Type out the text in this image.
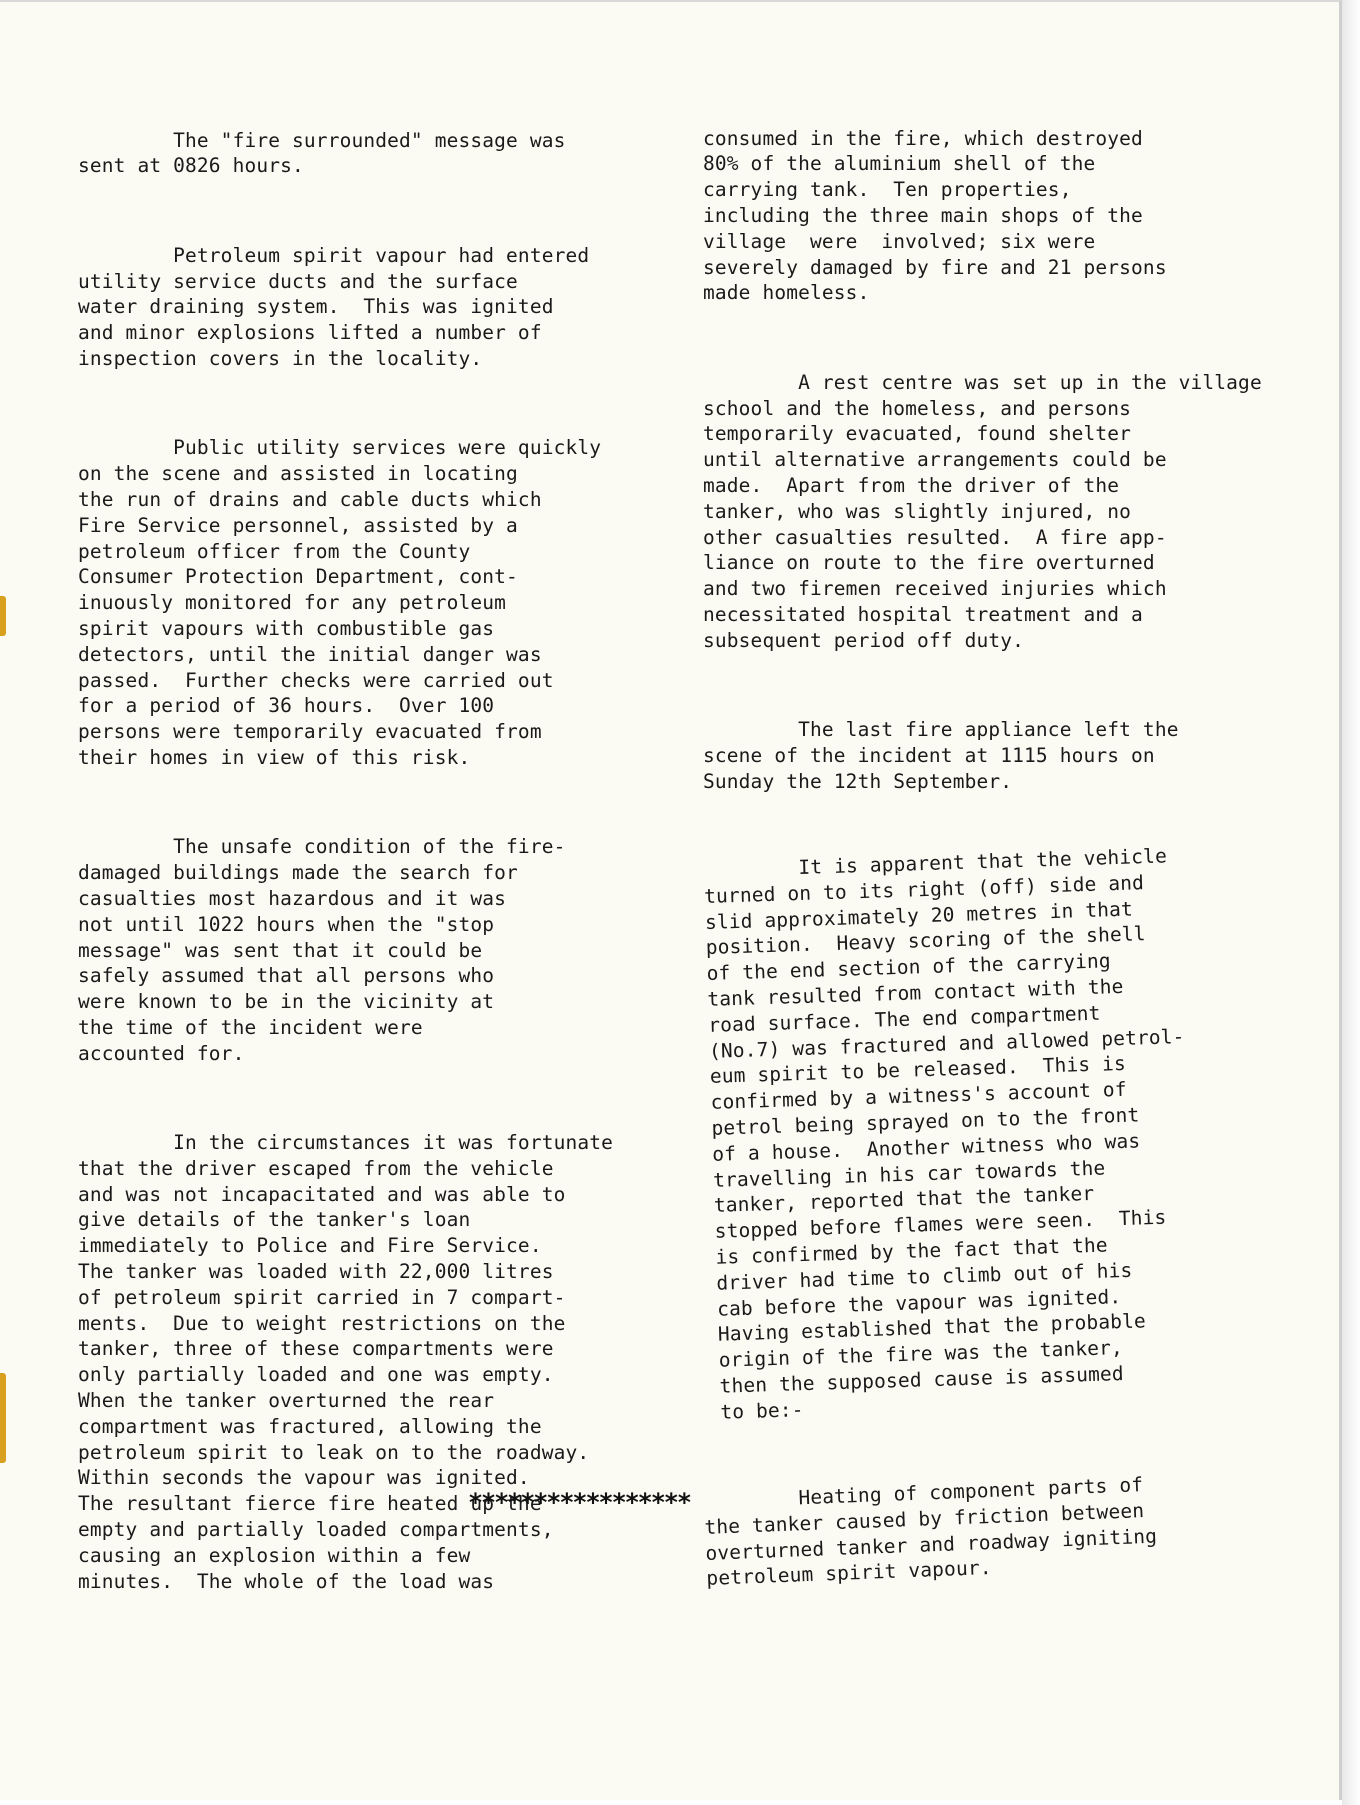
The "fire surrounded" message was
sent at 0826 hours.

Petroleum spirit vapour had entered
utility service ducts and the surface
water draining system.  This was ignited
and minor explosions lifted a number of
inspection covers in the locality.

Public utility services were quickly
on the scene and assisted in locating
the run of drains and cable ducts which
Fire Service personnel, assisted by a
petroleum officer from the County
Consumer Protection Department, cont-
inuously monitored for any petroleum
spirit vapours with combustible gas
detectors, until the initial danger was
passed.  Further checks were carried out
for a period of 36 hours.  Over 100
persons were temporarily evacuated from
their homes in view of this risk.

The unsafe condition of the fire-
damaged buildings made the search for
casualties most hazardous and it was
not until 1022 hours when the "stop
message" was sent that it could be
safely assumed that all persons who
were known to be in the vicinity at
the time of the incident were
accounted for.

In the circumstances it was fortunate
that the driver escaped from the vehicle
and was not incapacitated and was able to
give details of the tanker's loan
immediately to Police and Fire Service.
The tanker was loaded with 22,000 litres
of petroleum spirit carried in 7 compart-
ments.  Due to weight restrictions on the
tanker, three of these compartments were
only partially loaded and one was empty.
When the tanker overturned the rear
compartment was fractured, allowing the
petroleum spirit to leak on to the roadway.
Within seconds the vapour was ignited.
The resultant fierce fire heated up the
empty and partially loaded compartments,
causing an explosion within a few
minutes.  The whole of the load was

consumed in the fire, which destroyed
80% of the aluminium shell of the
carrying tank.  Ten properties,
including the three main shops of the
village  were  involved; six were
severely damaged by fire and 21 persons
made homeless.

A rest centre was set up in the village
school and the homeless, and persons
temporarily evacuated, found shelter
until alternative arrangements could be
made.  Apart from the driver of the
tanker, who was slightly injured, no
other casualties resulted.  A fire app-
liance on route to the fire overturned
and two firemen received injuries which
necessitated hospital treatment and a
subsequent period off duty.

The last fire appliance left the
scene of the incident at 1115 hours on
Sunday the 12th September.

It is apparent that the vehicle
turned on to its right (off) side and
slid approximately 20 metres in that
position.  Heavy scoring of the shell
of the end section of the carrying
tank resulted from contact with the
road surface. The end compartment
(No.7) was fractured and allowed petrol-
eum spirit to be released.  This is
confirmed by a witness's account of
petrol being sprayed on to the front
of a house.  Another witness who was
travelling in his car towards the
tanker, reported that the tanker
stopped before flames were seen.  This
is confirmed by the fact that the
driver had time to climb out of his
cab before the vapour was ignited.
Having established that the probable
origin of the fire was the tanker,
then the supposed cause is assumed
to be:-

Heating of component parts of
the tanker caused by friction between
overturned tanker and roadway igniting
petroleum spirit vapour.

*****************
